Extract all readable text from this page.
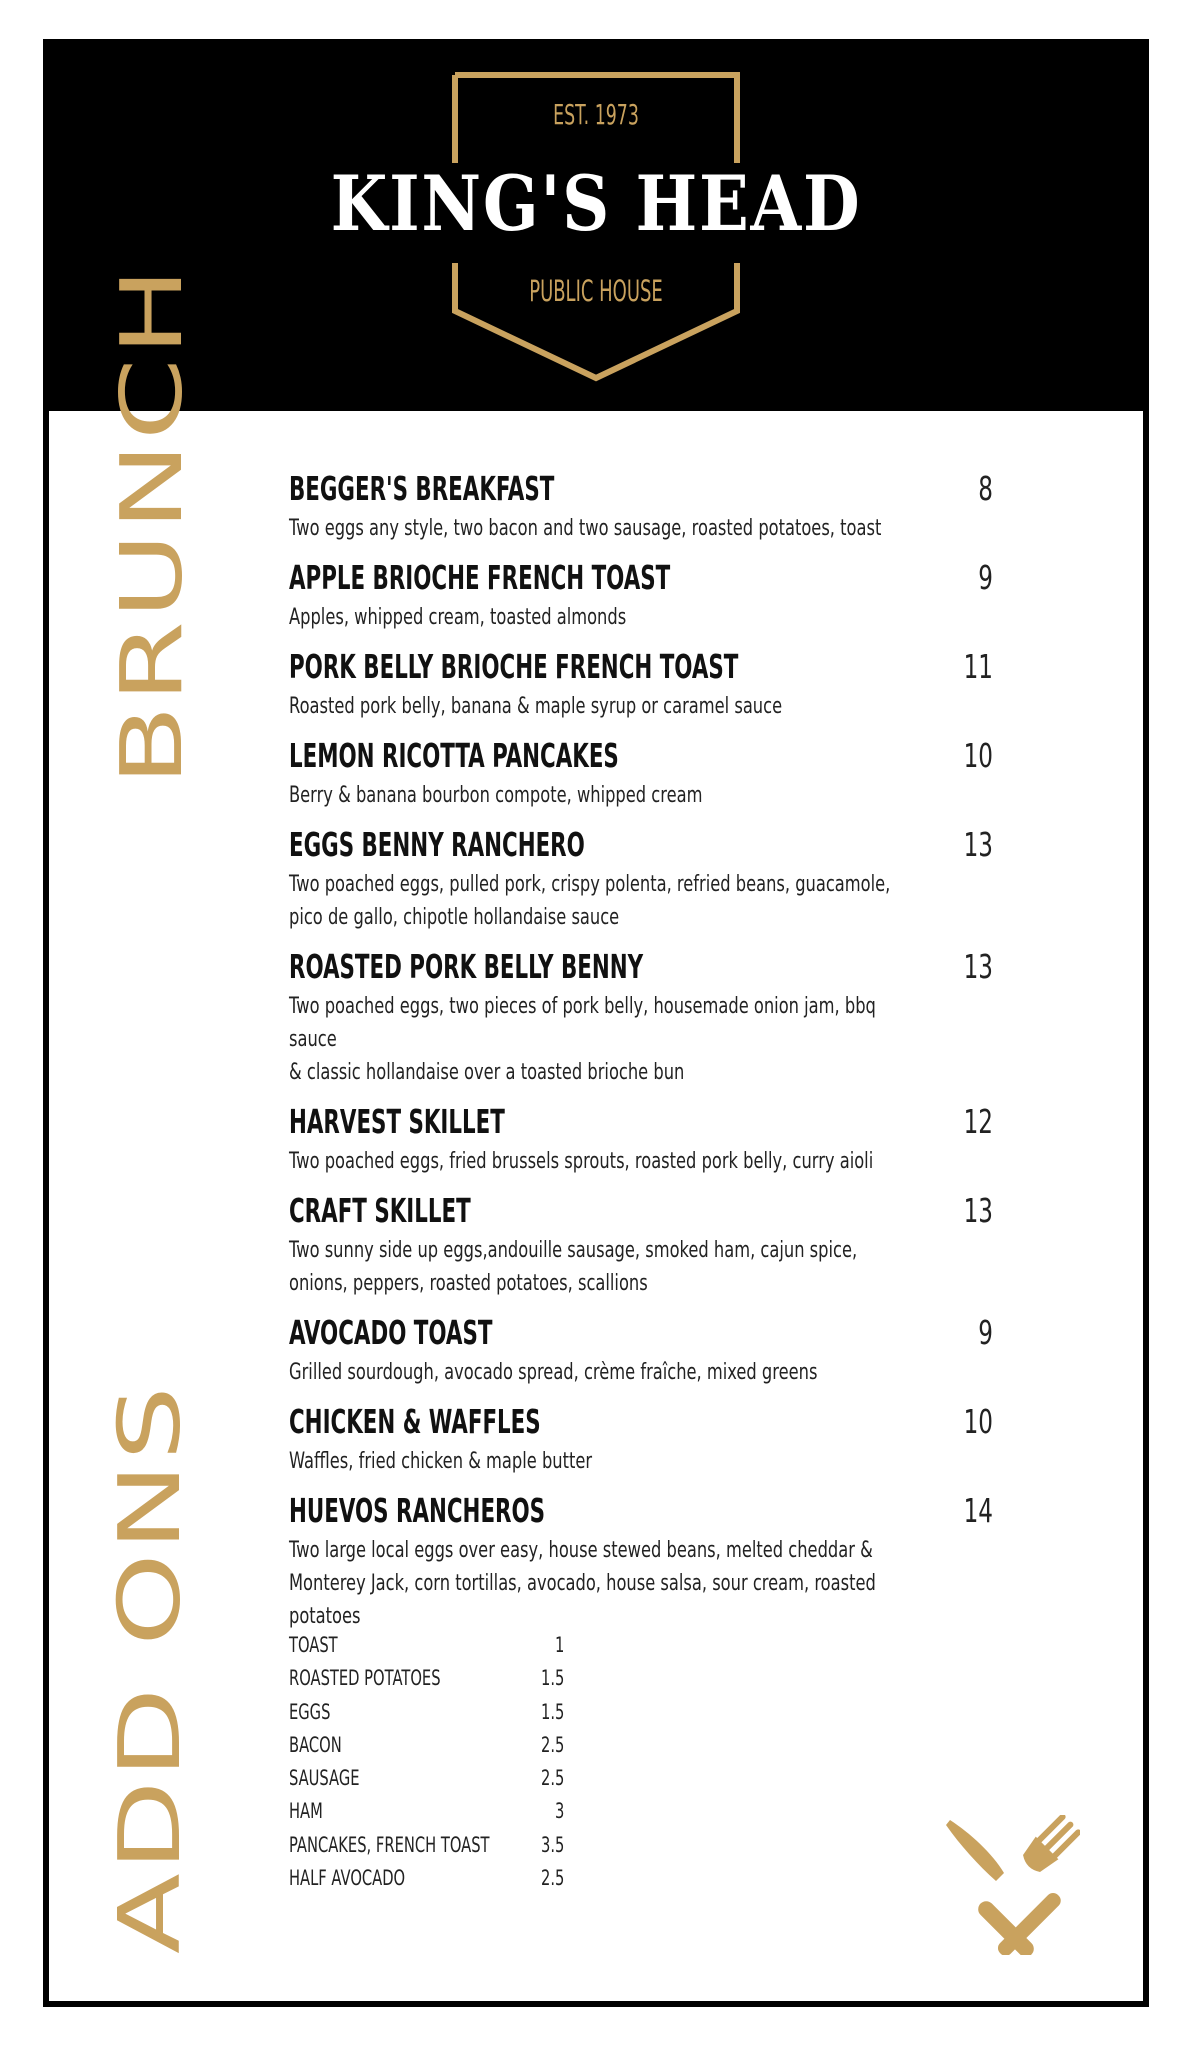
EST. 1973
KING'S HEAD
PUBLIC HOUSE
BRUNCH
ADD ONS
BEGGER'S BREAKFAST	8
Two eggs any style, two bacon and two sausage, roasted potatoes, toast
APPLE BRIOCHE FRENCH TOAST	9
Apples, whipped cream, toasted almonds
PORK BELLY BRIOCHE FRENCH TOAST	11
Roasted pork belly, banana & maple syrup or caramel sauce
LEMON RICOTTA PANCAKES	10
Berry & banana bourbon compote, whipped cream
EGGS BENNY RANCHERO	13
Two poached eggs, pulled pork, crispy polenta, refried beans, guacamole,
pico de gallo, chipotle hollandaise sauce
ROASTED PORK BELLY BENNY	13
Two poached eggs, two pieces of pork belly, housemade onion jam, bbq sauce
& classic hollandaise over a toasted brioche bun
HARVEST SKILLET	12
Two poached eggs, fried brussels sprouts, roasted pork belly, curry aioli
CRAFT SKILLET	13
Two sunny side up eggs,andouille sausage, smoked ham, cajun spice,
onions, peppers, roasted potatoes, scallions
AVOCADO TOAST	9
Grilled sourdough, avocado spread, crème fraîche, mixed greens
CHICKEN & WAFFLES	10
Waffles, fried chicken & maple butter
HUEVOS RANCHEROS	14
Two large local eggs over easy, house stewed beans, melted cheddar &
Monterey Jack, corn tortillas, avocado, house salsa, sour cream, roasted potatoes
TOAST	1
ROASTED POTATOES	1.5
EGGS	1.5
BACON	2.5
SAUSAGE	2.5
HAM	3
PANCAKES, FRENCH TOAST 3.5
HALF AVOCADO	2.5
